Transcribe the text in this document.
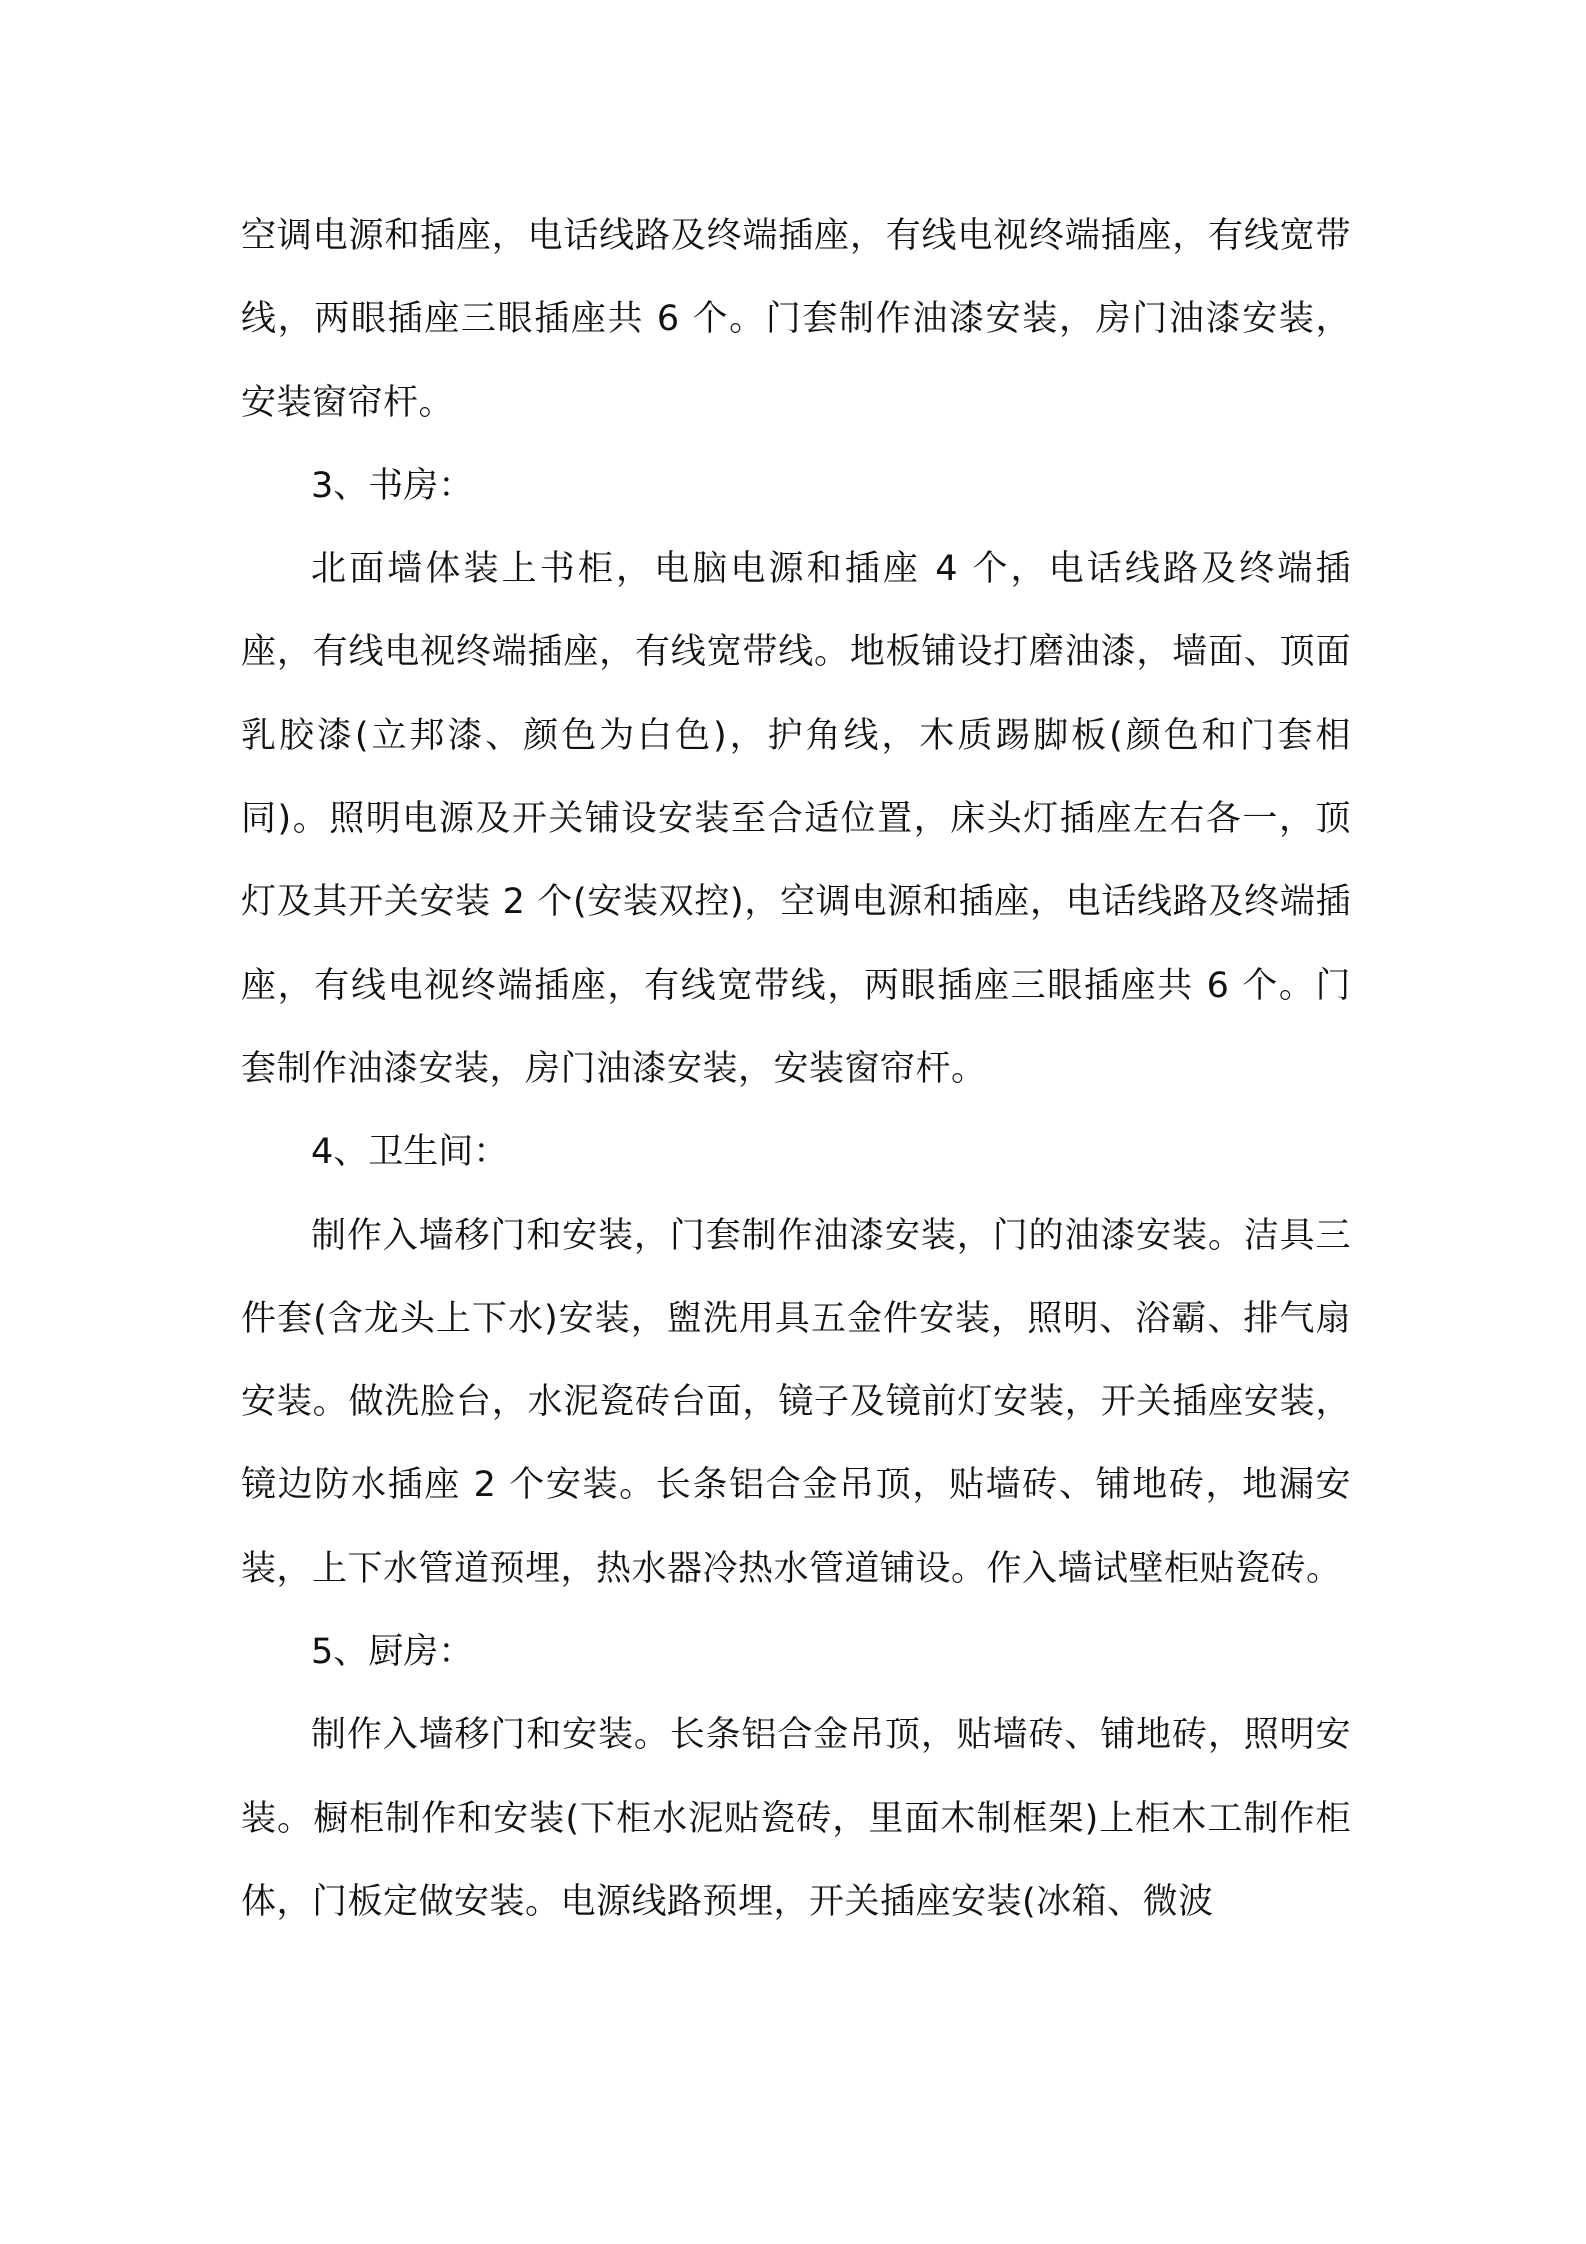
空调电源和插座，电话线路及终端插座，有线电视终端插座，有线宽带线，两眼插座三眼插座共 6 个。门套制作油漆安装，房门油漆安装，安装窗帘杆。

3、书房：

北面墙体装上书柜，电脑电源和插座 4 个，电话线路及终端插座，有线电视终端插座，有线宽带线。地板铺设打磨油漆，墙面、顶面乳胶漆(立邦漆、颜色为白色)，护角线，木质踢脚板(颜色和门套相同)。照明电源及开关铺设安装至合适位置，床头灯插座左右各一，顶灯及其开关安装 2 个(安装双控)，空调电源和插座，电话线路及终端插座，有线电视终端插座，有线宽带线，两眼插座三眼插座共 6 个。门套制作油漆安装，房门油漆安装，安装窗帘杆。

4、卫生间：

制作入墙移门和安装，门套制作油漆安装，门的油漆安装。洁具三件套(含龙头上下水)安装，盥洗用具五金件安装，照明、浴霸、排气扇安装。做洗脸台，水泥瓷砖台面，镜子及镜前灯安装，开关插座安装，镜边防水插座 2 个安装。长条铝合金吊顶，贴墙砖、铺地砖，地漏安装，上下水管道预埋，热水器冷热水管道铺设。作入墙试壁柜贴瓷砖。

5、厨房：

制作入墙移门和安装。长条铝合金吊顶，贴墙砖、铺地砖，照明安装。橱柜制作和安装(下柜水泥贴瓷砖，里面木制框架)上柜木工制作柜体，门板定做安装。电源线路预埋，开关插座安装(冰箱、微波
